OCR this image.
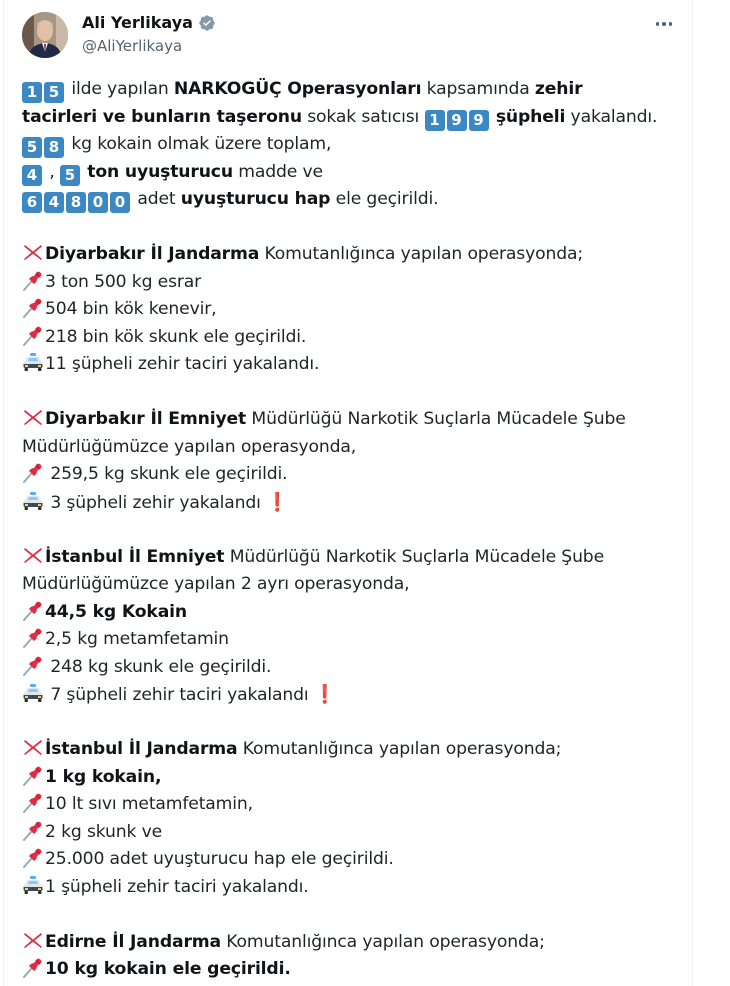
Ali Yerlikaya
@AliYerlikaya
1 5 ilde yapılan NARKOGÜÇ Operasyonları kapsamında zehir
tacirleri ve bunların taşeronu sokak satıcısı 1 9 9 şüpheli yakalandı.
5 8 kg kokain olmak üzere toplam,
4 , 5 ton uyuşturucu madde ve
6 4 8 0 0 adet uyuşturucu hap ele geçirildi.
Diyarbakır İl Jandarma Komutanlığınca yapılan operasyonda;
3 ton 500 kg esrar
504 bin kök kenevir,
218 bin kök skunk ele geçirildi.
11 şüpheli zehir taciri yakalandı.
Diyarbakır İl Emniyet Müdürlüğü Narkotik Suçlarla Mücadele Şube
Müdürlüğümüzce yapılan operasyonda,
259,5 kg skunk ele geçirildi.
3 şüpheli zehir yakalandı ❗
İstanbul İl Emniyet Müdürlüğü Narkotik Suçlarla Mücadele Şube
Müdürlüğümüzce yapılan 2 ayrı operasyonda,
44,5 kg Kokain
2,5 kg metamfetamin
248 kg skunk ele geçirildi.
7 şüpheli zehir taciri yakalandı ❗
İstanbul İl Jandarma Komutanlığınca yapılan operasyonda;
1 kg kokain,
10 lt sıvı metamfetamin,
2 kg skunk ve
25.000 adet uyuşturucu hap ele geçirildi.
1 şüpheli zehir taciri yakalandı.
Edirne İl Jandarma Komutanlığınca yapılan operasyonda;
10 kg kokain ele geçirildi.
